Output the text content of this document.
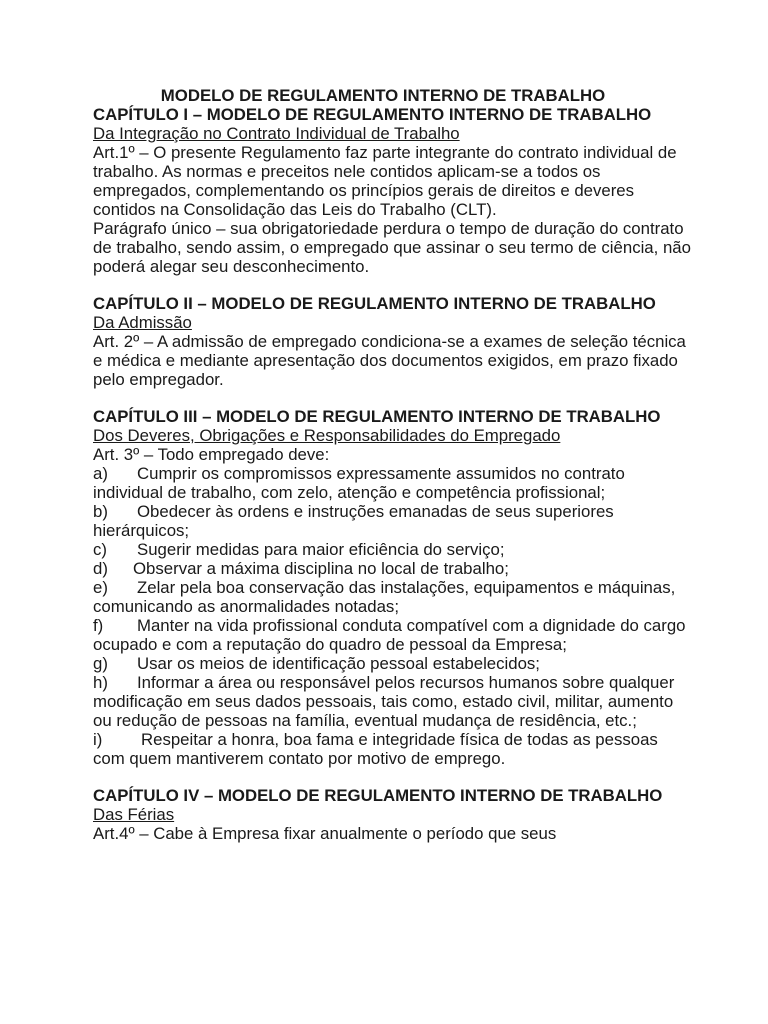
MODELO DE REGULAMENTO INTERNO DE TRABALHO

CAPÍTULO I – MODELO DE REGULAMENTO INTERNO DE TRABALHO

Da Integração no Contrato Individual de Trabalho

Art.1º – O presente Regulamento faz parte integrante do contrato individual de trabalho. As normas e preceitos nele contidos aplicam-se a todos os empregados, complementando os princípios gerais de direitos e deveres contidos na Consolidação das Leis do Trabalho (CLT).

Parágrafo único – sua obrigatoriedade perdura o tempo de duração do contrato de trabalho, sendo assim, o empregado que assinar o seu termo de ciência, não poderá alegar seu desconhecimento.

CAPÍTULO II – MODELO DE REGULAMENTO INTERNO DE TRABALHO

Da Admissão

Art. 2º – A admissão de empregado condiciona-se a exames de seleção técnica e médica e mediante apresentação dos documentos exigidos, em prazo fixado pelo empregador.

CAPÍTULO III – MODELO DE REGULAMENTO INTERNO DE TRABALHO

Dos Deveres, Obrigações e Responsabilidades do Empregado

Art. 3º – Todo empregado deve:

a) Cumprir os compromissos expressamente assumidos no contrato individual de trabalho, com zelo, atenção e competência profissional;

b) Obedecer às ordens e instruções emanadas de seus superiores hierárquicos;

c) Sugerir medidas para maior eficiência do serviço;

d) Observar a máxima disciplina no local de trabalho;

e) Zelar pela boa conservação das instalações, equipamentos e máquinas, comunicando as anormalidades notadas;

f) Manter na vida profissional conduta compatível com a dignidade do cargo ocupado e com a reputação do quadro de pessoal da Empresa;

g) Usar os meios de identificação pessoal estabelecidos;

h) Informar a área ou responsável pelos recursos humanos sobre qualquer modificação em seus dados pessoais, tais como, estado civil, militar, aumento ou redução de pessoas na família, eventual mudança de residência, etc.;

i) Respeitar a honra, boa fama e integridade física de todas as pessoas com quem mantiverem contato por motivo de emprego.

CAPÍTULO IV – MODELO DE REGULAMENTO INTERNO DE TRABALHO

Das Férias

Art.4º – Cabe à Empresa fixar anualmente o período que seus
